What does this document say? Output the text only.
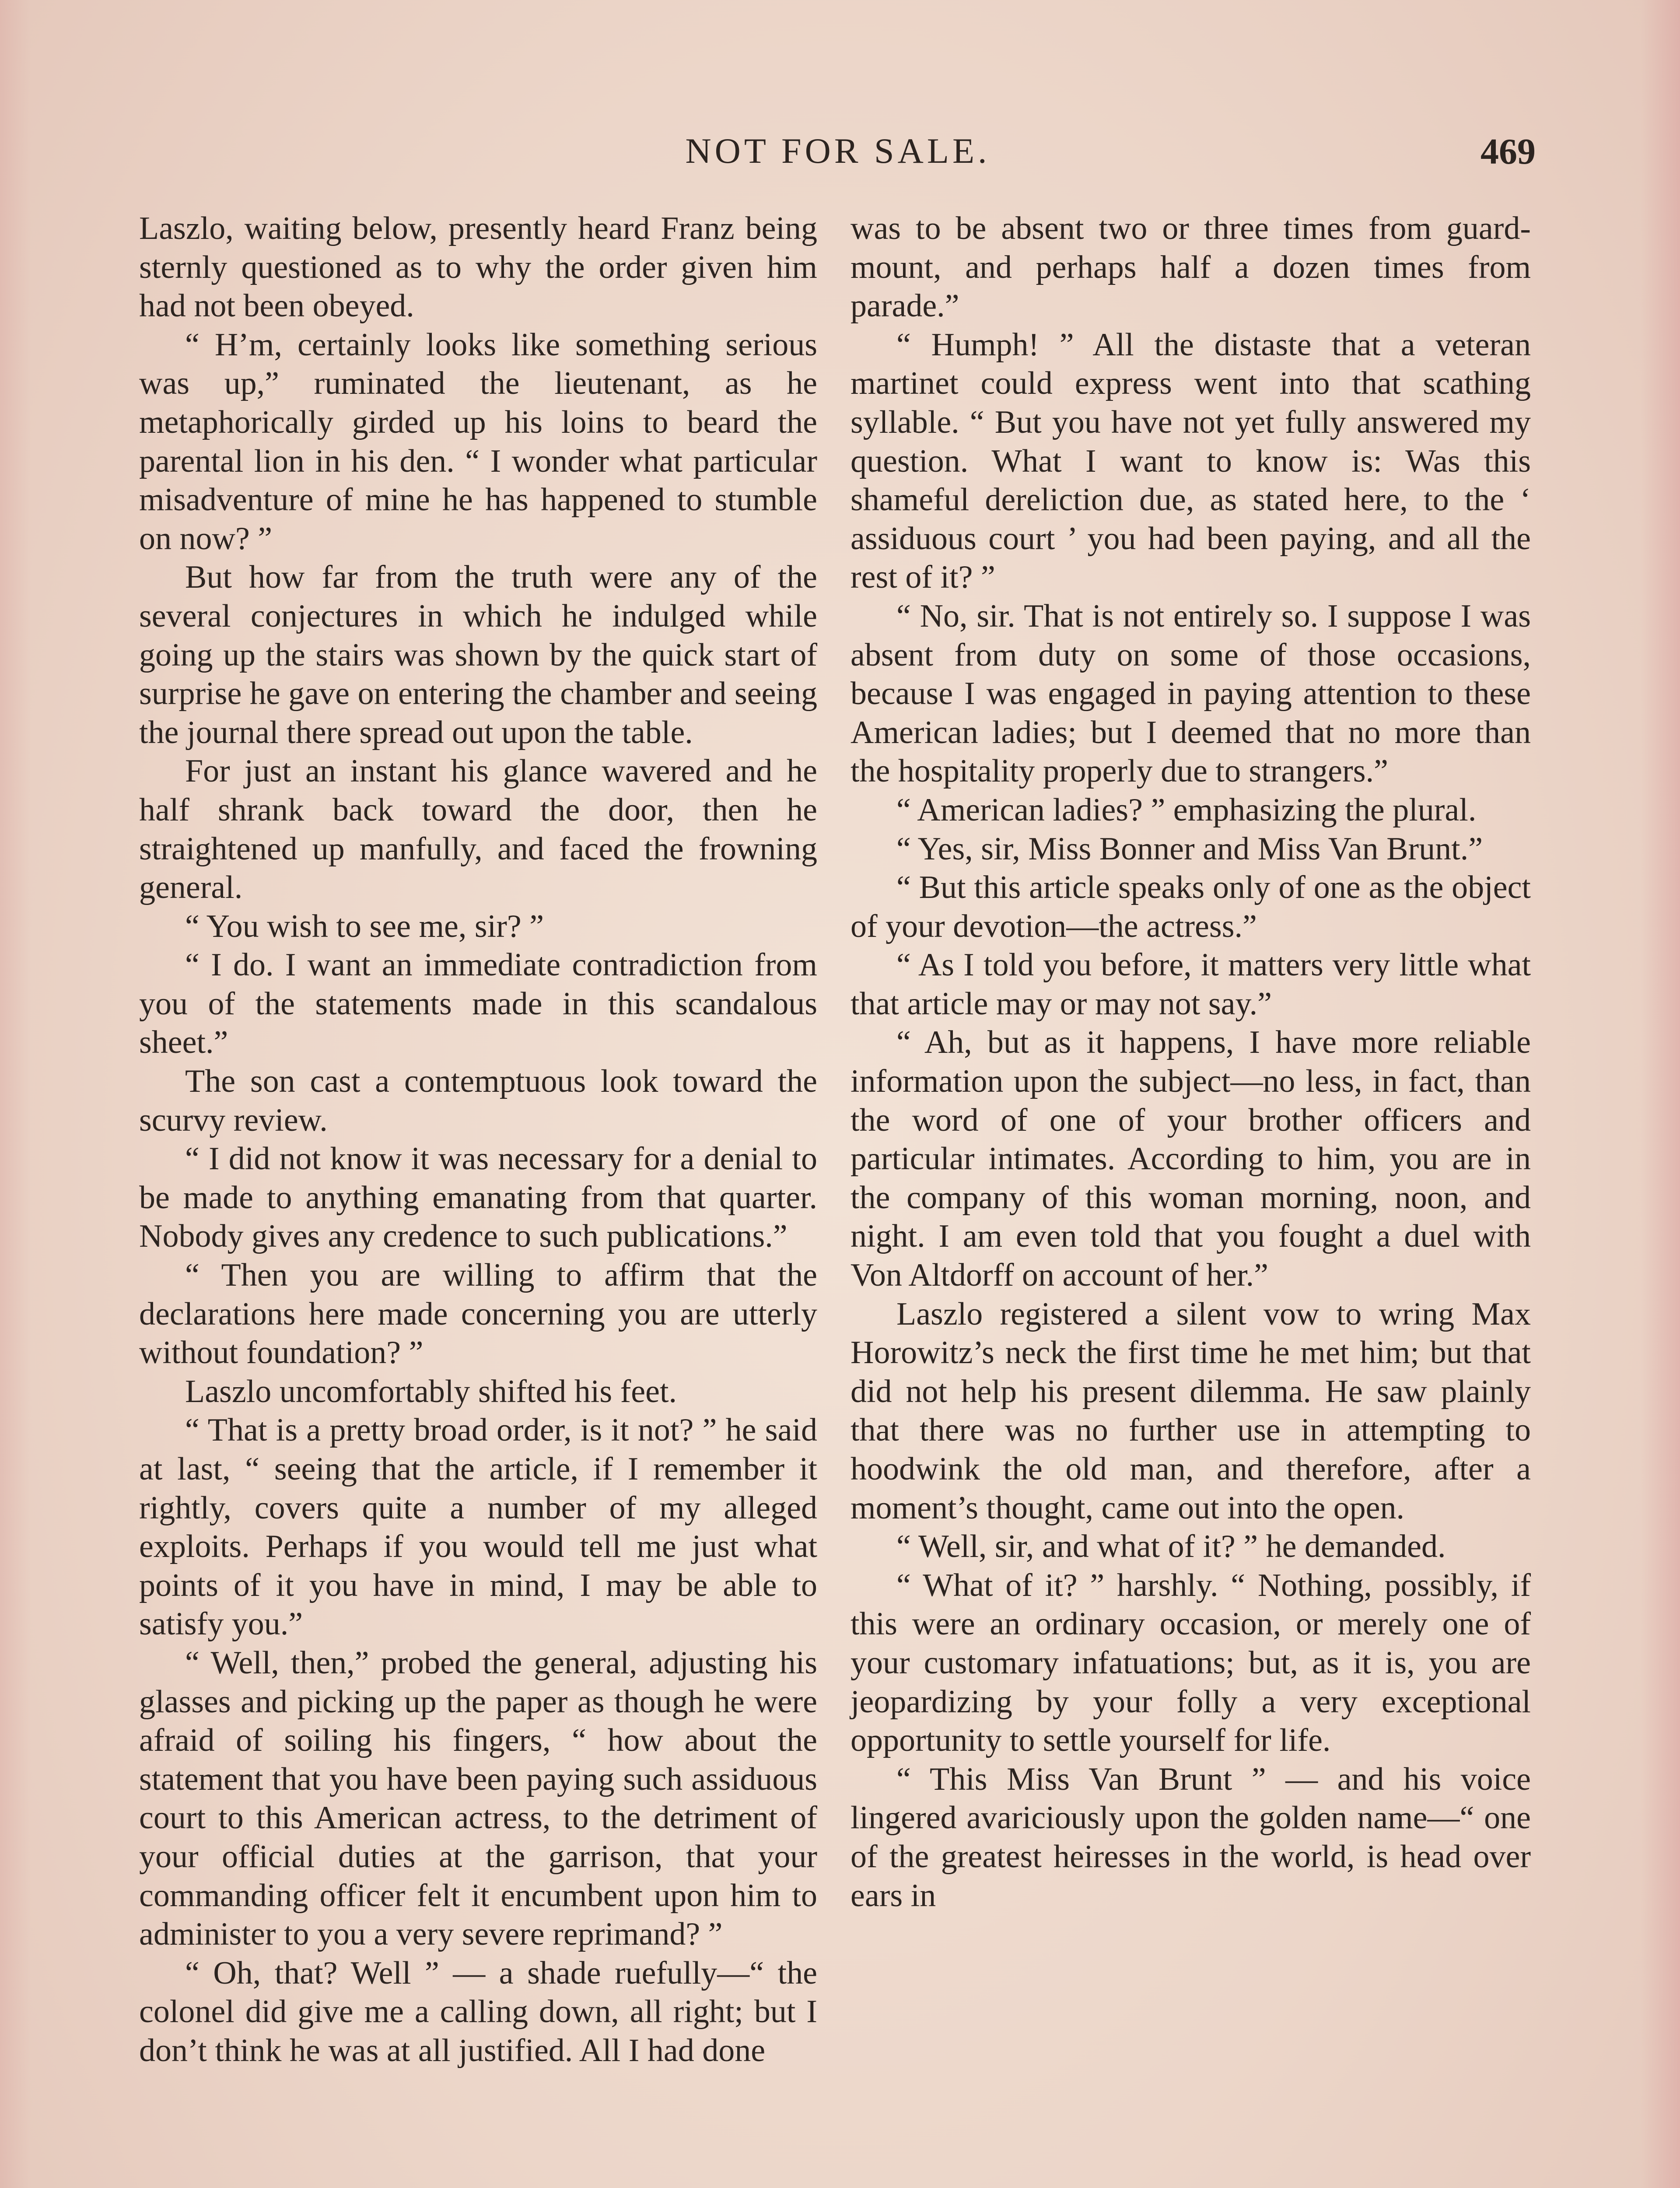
NOT FOR SALE.	469

Laszlo, waiting below, presently heard Franz being sternly questioned as to why the order given him had not been obeyed.

“ H’m, certainly looks like something serious was up,” ruminated the lieutenant, as he metaphorically girded up his loins to beard the parental lion in his den. “ I wonder what particular misadventure of mine he has happened to stumble on now? ”

But how far from the truth were any of the several conjectures in which he indulged while going up the stairs was shown by the quick start of surprise he gave on entering the chamber and seeing the journal there spread out upon the table.

For just an instant his glance wavered and he half shrank back toward the door, then he straightened up manfully, and faced the frowning general.

“ You wish to see me, sir? ”

“ I do. I want an immediate contradiction from you of the statements made in this scandalous sheet.”

The son cast a contemptuous look toward the scurvy review.

“ I did not know it was necessary for a denial to be made to anything emanating from that quarter. Nobody gives any credence to such publications.”

“ Then you are willing to affirm that the declarations here made concerning you are utterly without foundation? ”

Laszlo uncomfortably shifted his feet.

“ That is a pretty broad order, is it not? ” he said at last, “ seeing that the article, if I remember it rightly, covers quite a number of my alleged exploits. Perhaps if you would tell me just what points of it you have in mind, I may be able to satisfy you.”

“ Well, then,” probed the general, adjusting his glasses and picking up the paper as though he were afraid of soiling his fingers, “ how about the statement that you have been paying such assiduous court to this American actress, to the detriment of your official duties at the garrison, that your commanding officer felt it encumbent upon him to administer to you a very severe reprimand? ”

“ Oh, that? Well ” — a shade ruefully—“ the colonel did give me a calling down, all right; but I don’t think he was at all justified. All I had done

was to be absent two or three times from guard-mount, and perhaps half a dozen times from parade.”

“ Humph! ” All the distaste that a veteran martinet could express went into that scathing syllable. “ But you have not yet fully answered my question. What I want to know is: Was this shameful dereliction due, as stated here, to the ‘ assiduous court ’ you had been paying, and all the rest of it? ”

“ No, sir. That is not entirely so. I suppose I was absent from duty on some of those occasions, because I was engaged in paying attention to these American ladies; but I deemed that no more than the hospitality properly due to strangers.”

“ American ladies? ” emphasizing the plural.

“ Yes, sir, Miss Bonner and Miss Van Brunt.”

“ But this article speaks only of one as the object of your devotion—the actress.”

“ As I told you before, it matters very little what that article may or may not say.”

“ Ah, but as it happens, I have more reliable information upon the subject—no less, in fact, than the word of one of your brother officers and particular intimates. According to him, you are in the company of this woman morning, noon, and night. I am even told that you fought a duel with Von Altdorff on account of her.”

Laszlo registered a silent vow to wring Max Horowitz’s neck the first time he met him; but that did not help his present dilemma. He saw plainly that there was no further use in attempting to hoodwink the old man, and therefore, after a moment’s thought, came out into the open.

“ Well, sir, and what of it? ” he demanded.

“ What of it? ” harshly. “ Nothing, possibly, if this were an ordinary occasion, or merely one of your customary infatuations; but, as it is, you are jeopardizing by your folly a very exceptional opportunity to settle yourself for life.

“ This Miss Van Brunt ” — and his voice lingered avariciously upon the golden name—“ one of the greatest heiresses in the world, is head over ears in
